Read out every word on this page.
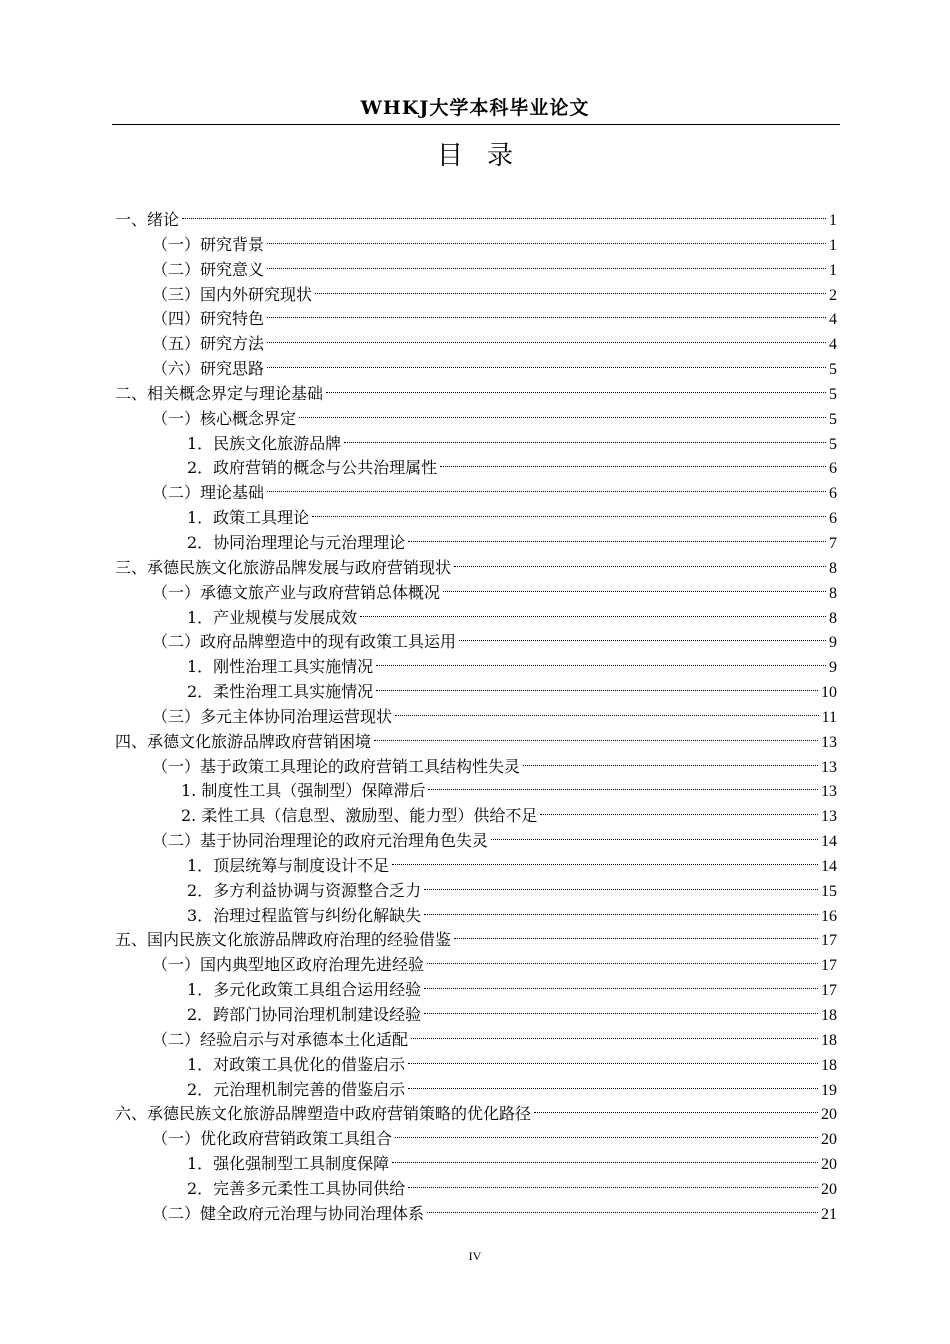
WHKJ大学本科毕业论文
目录
一、绪论	1
（一）研究背景	1
（二）研究意义	1
（三）国内外研究现状	2
（四）研究特色	4
（五）研究方法	4
（六）研究思路	5
二、相关概念界定与理论基础	5
（一）核心概念界定	5
1．民族文化旅游品牌	5
2．政府营销的概念与公共治理属性	6
（二）理论基础	6
1．政策工具理论	6
2．协同治理理论与元治理理论	7
三、承德民族文化旅游品牌发展与政府营销现状	8
（一）承德文旅产业与政府营销总体概况	8
1．产业规模与发展成效	8
（二）政府品牌塑造中的现有政策工具运用	9
1．刚性治理工具实施情况	9
2．柔性治理工具实施情况	10
（三）多元主体协同治理运营现状	11
四、承德文化旅游品牌政府营销困境	13
（一）基于政策工具理论的政府营销工具结构性失灵	13
1. 制度性工具（强制型）保障滞后	13
2. 柔性工具（信息型、激励型、能力型）供给不足	13
（二）基于协同治理理论的政府元治理角色失灵	14
1．顶层统筹与制度设计不足	14
2．多方利益协调与资源整合乏力	15
3．治理过程监管与纠纷化解缺失	16
五、国内民族文化旅游品牌政府治理的经验借鉴	17
（一）国内典型地区政府治理先进经验	17
1．多元化政策工具组合运用经验	17
2．跨部门协同治理机制建设经验	18
（二）经验启示与对承德本土化适配	18
1．对政策工具优化的借鉴启示	18
2．元治理机制完善的借鉴启示	19
六、承德民族文化旅游品牌塑造中政府营销策略的优化路径	20
（一）优化政府营销政策工具组合	20
1．强化强制型工具制度保障	20
2．完善多元柔性工具协同供给	20
（二）健全政府元治理与协同治理体系	21
IV
